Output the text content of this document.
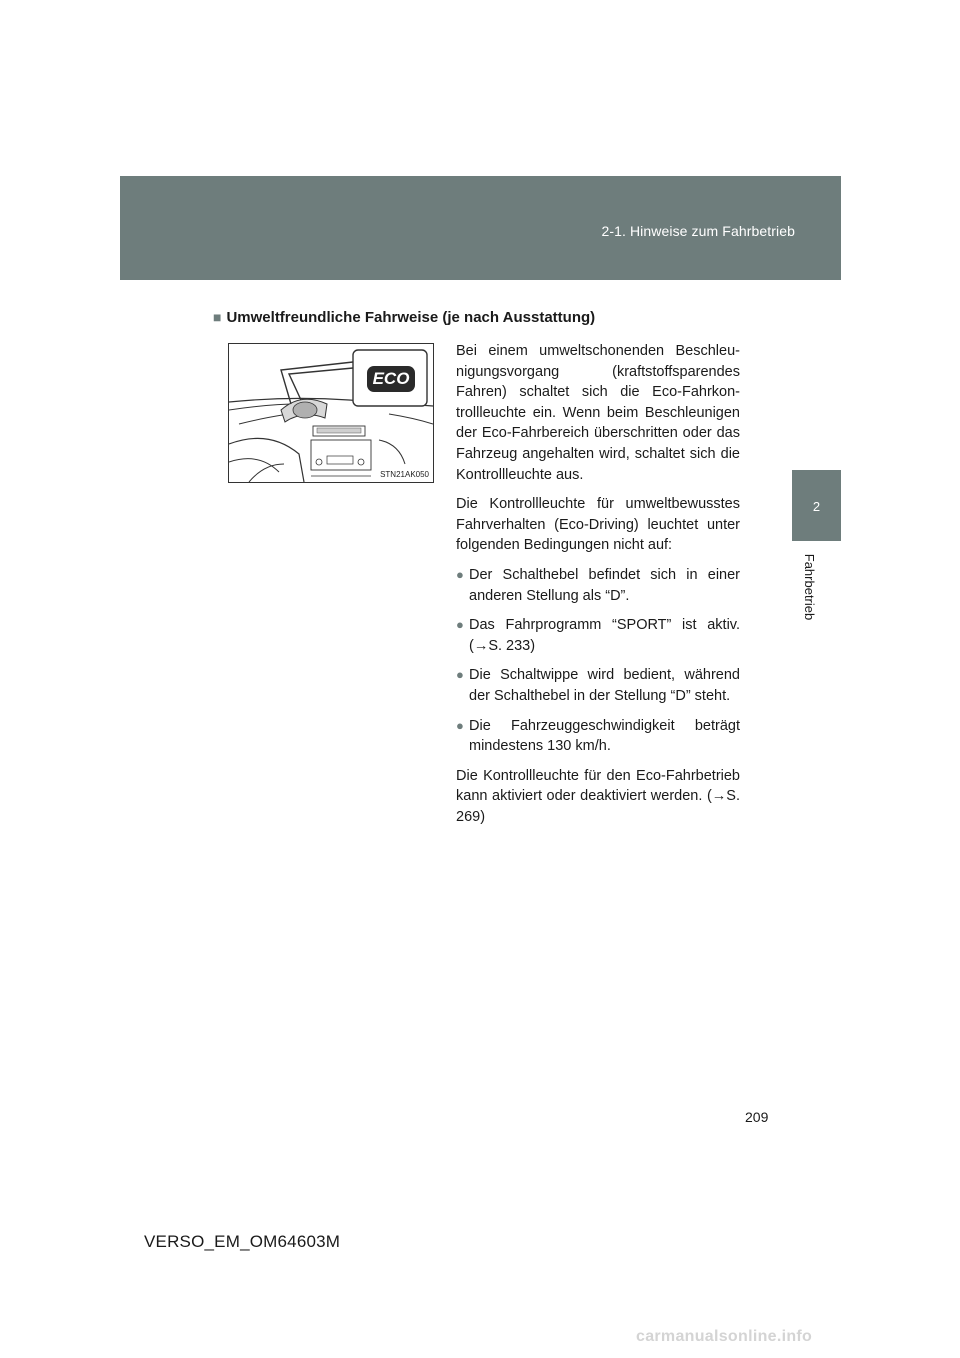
2-1. Hinweise zum Fahrbetrieb
2
Fahrbetrieb
■ Umweltfreundliche Fahrweise (je nach Ausstattung)
ECO
STN21AK050

Bei einem umweltschonenden Beschleunigungsvorgang (kraftstoffsparendes Fahren) schaltet sich die Eco-Fahrkontrollleuchte ein. Wenn beim Beschleunigen der Eco-Fahrbereich überschritten oder das Fahrzeug angehalten wird, schaltet sich die Kontrollleuchte aus.

Die Kontrollleuchte für umweltbewusstes Fahrverhalten (Eco-Driving) leuchtet unter folgenden Bedingungen nicht auf:

● Der Schalthebel befindet sich in einer anderen Stellung als “D”.
● Das Fahrprogramm “SPORT” ist aktiv. (→S. 233)
● Die Schaltwippe wird bedient, während der Schalthebel in der Stellung “D” steht.
● Die Fahrzeuggeschwindigkeit beträgt mindestens 130 km/h.

Die Kontrollleuchte für den Eco-Fahrbetrieb kann aktiviert oder deaktiviert werden. (→S. 269)

209
VERSO_EM_OM64603M
carmanualsonline.info
